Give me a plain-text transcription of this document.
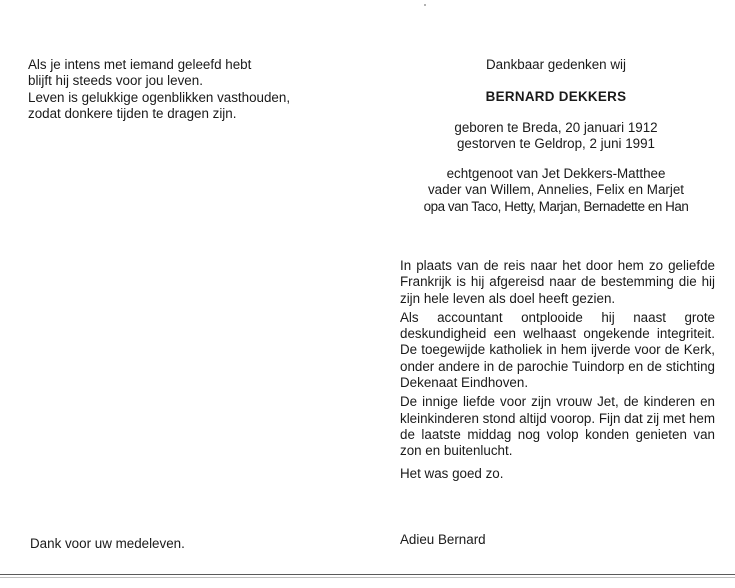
Als je intens met iemand geleefd hebt
blijft hij steeds voor jou leven.
Leven is gelukkige ogenblikken vasthouden,
zodat donkere tijden te dragen zijn.
Dank voor uw medeleven.
Dankbaar gedenken wij
BERNARD DEKKERS
geboren te Breda, 20 januari 1912
gestorven te Geldrop, 2 juni 1991
echtgenoot van Jet Dekkers-Matthee
vader van Willem, Annelies, Felix en Marjet
opa van Taco, Hetty, Marjan, Bernadette en Han

In plaats van de reis naar het door hem zo geliefde Frankrijk is hij afgereisd naar de bestemming die hij zijn hele leven als doel heeft gezien.

Als accountant ontplooide hij naast grote deskundigheid een welhaast ongekende integriteit. De toegewijde katholiek in hem ijverde voor de Kerk, onder andere in de parochie Tuindorp en de stichting Dekenaat Eindhoven.

De innige liefde voor zijn vrouw Jet, de kinderen en kleinkinderen stond altijd voorop. Fijn dat zij met hem de laatste middag nog volop konden genieten van zon en buitenlucht.

Het was goed zo.

Adieu Bernard
